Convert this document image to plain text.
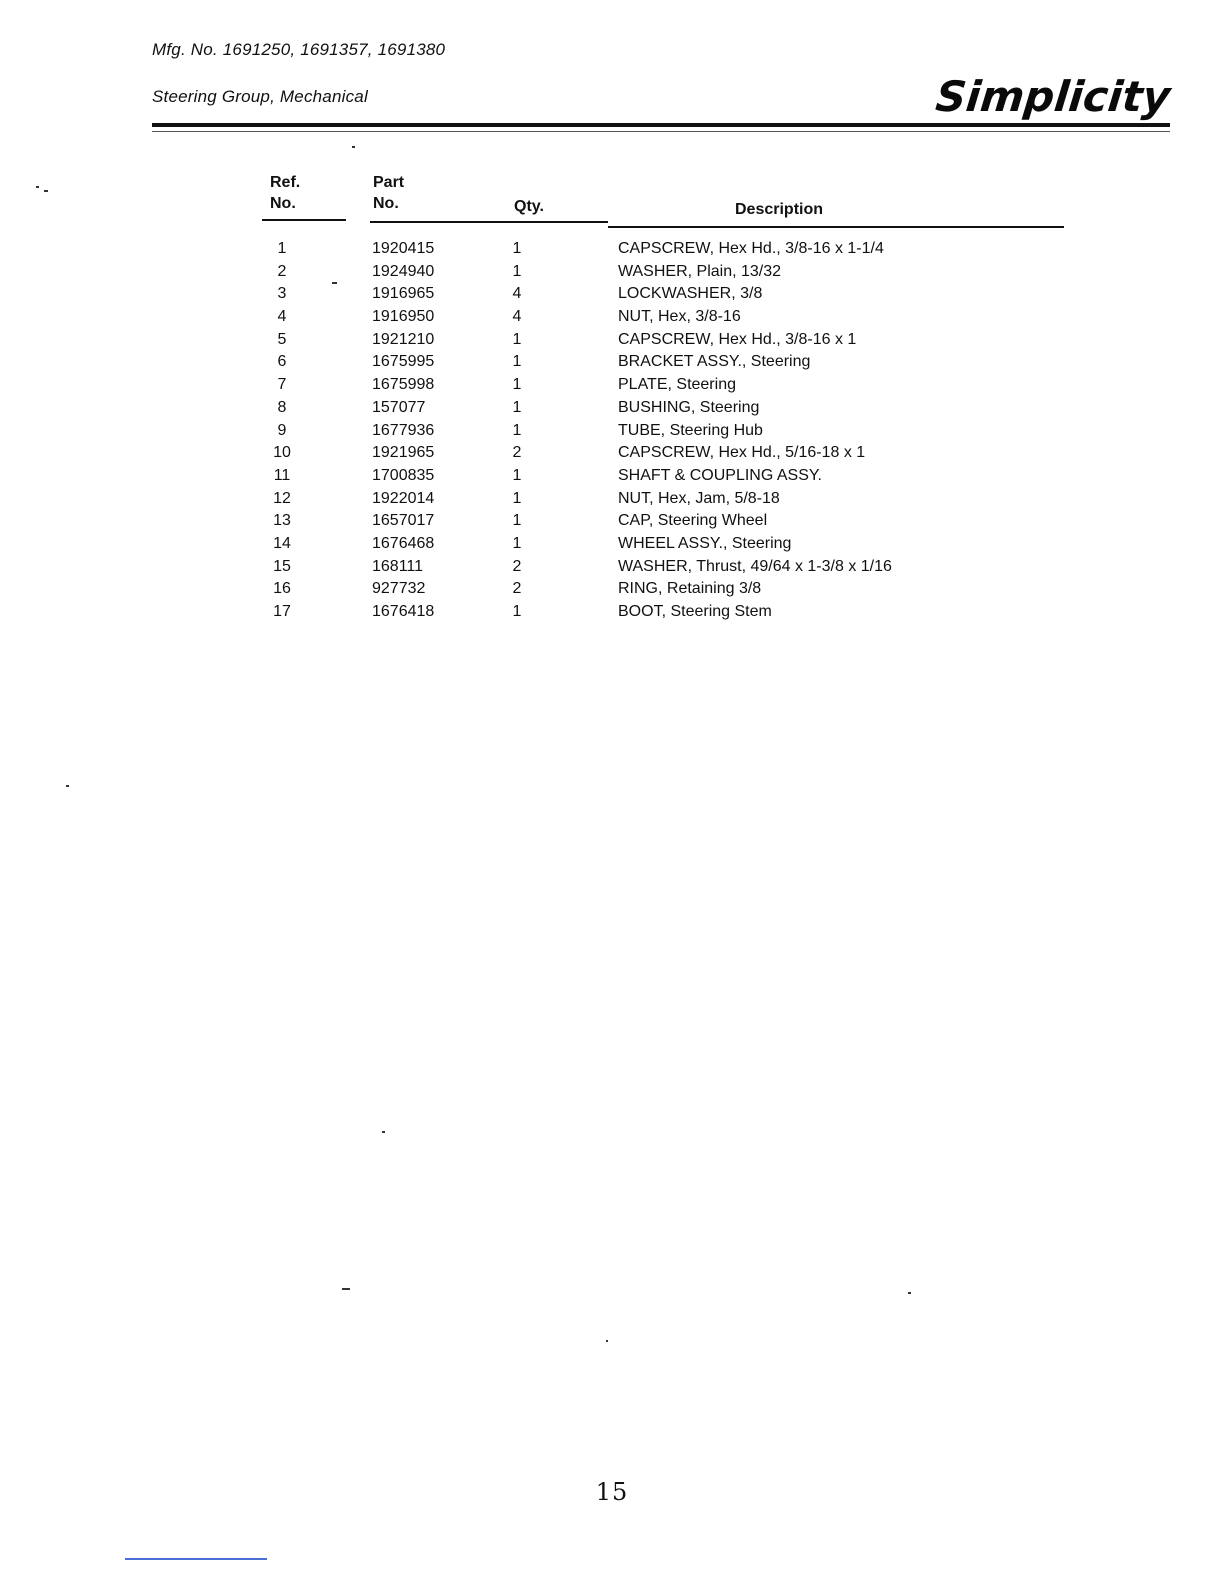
Mfg. No. 1691250, 1691357, 1691380
Steering Group, Mechanical	Simplicity
Ref.
No.
Part
No.	Qty.	Description
1	1920415	1	CAPSCREW, Hex Hd., 3/8-16 x 1-1/4
2	1924940	1	WASHER, Plain, 13/32
3	1916965	4	LOCKWASHER, 3/8
4	1916950	4	NUT, Hex, 3/8-16
5	1921210	1	CAPSCREW, Hex Hd., 3/8-16 x 1
6	1675995	1	BRACKET ASSY., Steering
7	1675998	1	PLATE, Steering
8	157077	1	BUSHING, Steering
9	1677936	1	TUBE, Steering Hub
10	1921965	2	CAPSCREW, Hex Hd., 5/16-18 x 1
11	1700835	1	SHAFT & COUPLING ASSY.
12	1922014	1	NUT, Hex, Jam, 5/8-18
13	1657017	1	CAP, Steering Wheel
14	1676468	1	WHEEL ASSY., Steering
15	168111	2	WASHER, Thrust, 49/64 x 1-3/8 x 1/16
16	927732	2	RING, Retaining 3/8
17	1676418	1	BOOT, Steering Stem
15
